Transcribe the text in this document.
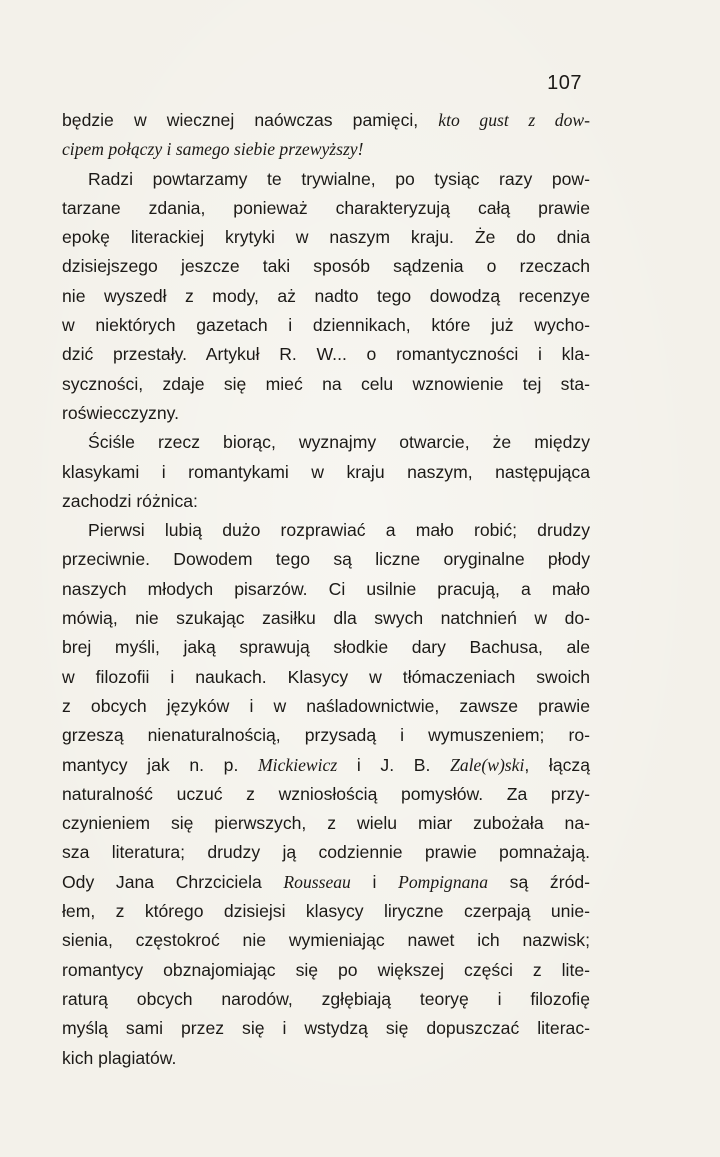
107
będzie w wiecznej naówczas pamięci, kto gust z dow-
cipem połączy i samego siebie przewyższy!
Radzi powtarzamy te trywialne, po tysiąc razy pow-
tarzane zdania, ponieważ charakteryzują całą prawie
epokę literackiej krytyki w naszym kraju. Że do dnia
dzisiejszego jeszcze taki sposób sądzenia o rzeczach
nie wyszedł z mody, aż nadto tego dowodzą recenzye
w niektórych gazetach i dziennikach, które już wycho-
dzić przestały. Artykuł R. W... o romantyczności i kla-
syczności, zdaje się mieć na celu wznowienie tej sta-
roświecczyzny.
Ściśle rzecz biorąc, wyznajmy otwarcie, że między
klasykami i romantykami w kraju naszym, następująca
zachodzi różnica:
Pierwsi lubią dużo rozprawiać a mało robić; drudzy
przeciwnie. Dowodem tego są liczne oryginalne płody
naszych młodych pisarzów. Ci usilnie pracują, a mało
mówią, nie szukając zasiłku dla swych natchnień w do-
brej myśli, jaką sprawują słodkie dary Bachusa, ale
w filozofii i naukach. Klasycy w tłómaczeniach swoich
z obcych języków i w naśladownictwie, zawsze prawie
grzeszą nienaturalnością, przysadą i wymuszeniem; ro-
mantycy jak n. p. Mickiewicz i J. B. Zale(w)ski, łączą
naturalność uczuć z wzniosłością pomysłów. Za przy-
czynieniem się pierwszych, z wielu miar zubożała na-
sza literatura; drudzy ją codziennie prawie pomnażają.
Ody Jana Chrzciciela Rousseau i Pompignana są źród-
łem, z którego dzisiejsi klasycy liryczne czerpają unie-
sienia, częstokroć nie wymieniając nawet ich nazwisk;
romantycy obznajomiając się po większej części z lite-
raturą obcych narodów, zgłębiają teoryę i filozofię
myślą sami przez się i wstydzą się dopuszczać literac-
kich plagiatów.
